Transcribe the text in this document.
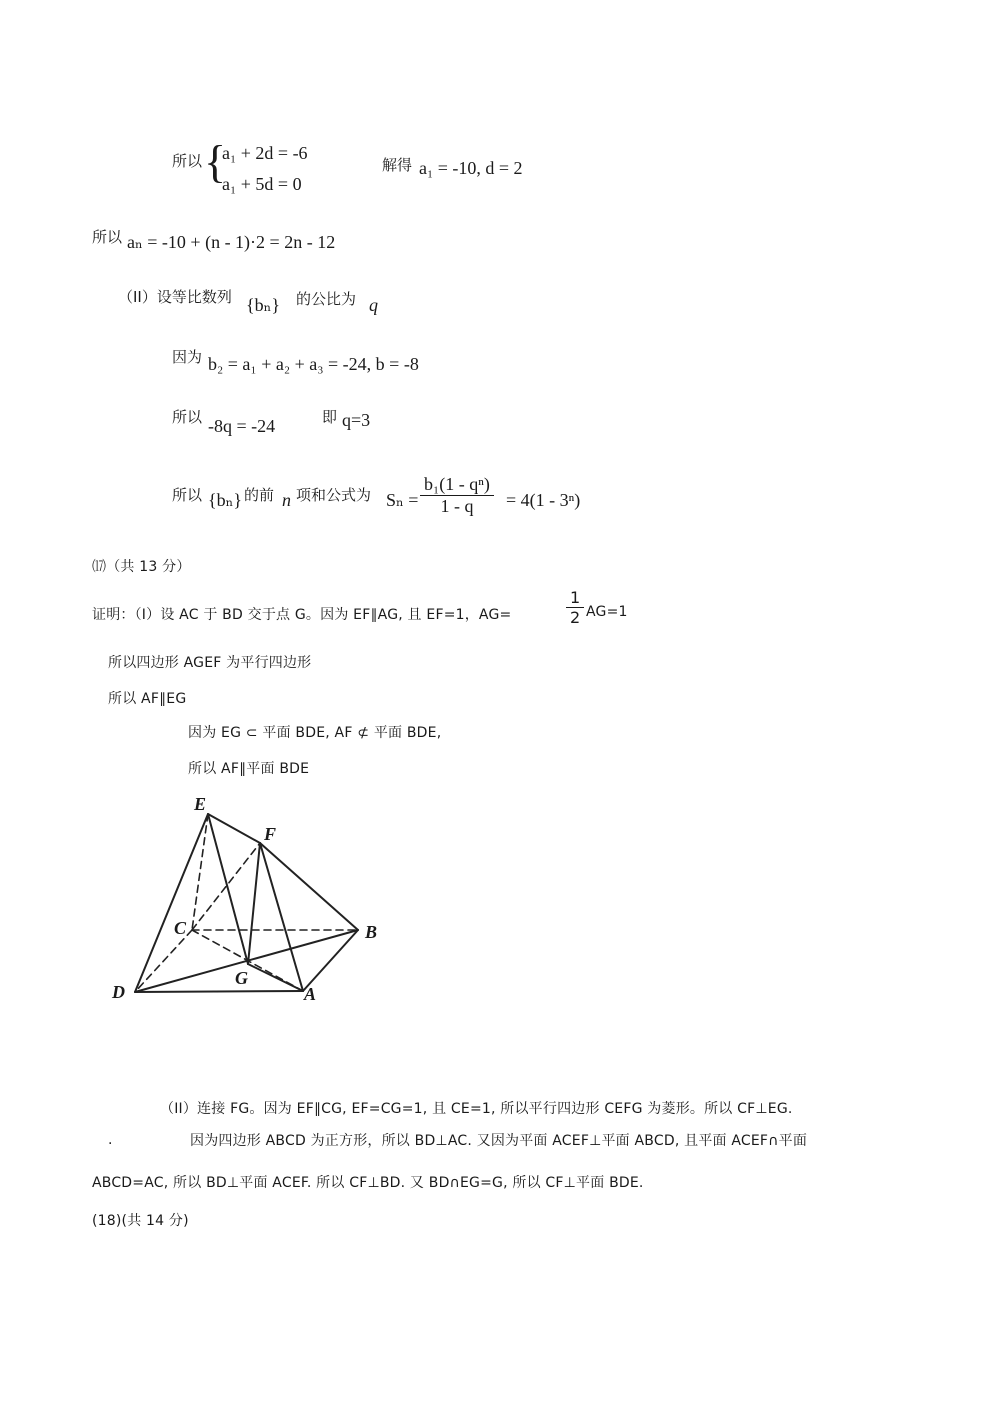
所以 {
a₁ + 2d = -6
a₁ + 5d = 0
解得 a₁ = -10, d = 2
所以 aₙ = -10 + (n - 1)·2 = 2n - 12
（II）设等比数列 {bₙ} 的公比为 q
因为 b₂ = a₁ + a₂ + a₃ = -24, b = -8
所以 -8q = -24	即 q=3
所以 {bₙ} 的前 n 项和公式为 $S_n = \frac{\text{b₁(1 - qⁿ)}}{1 - q} = 4(1 - 3^n)$
⒄（共 13 分）
证明：（Ⅰ）设 AC 于 BD 交于点 G。因为 EF∥AG, 且 EF=1，AG=	$\frac{1}{2} AG=1$
所以四边形 AGEF 为平行四边形
所以 AF∥EG
因为 EG ⊂ 平面 BDE, AF ⊄ 平面 BDE,
所以 AF∥平面 BDE
E
F
C	B
G
D	A
（II）连接 FG。因为 EF∥CG, EF=CG=1, 且 CE=1, 所以平行四边形 CEFG 为菱形。所以 CF⊥EG.
.	因为四边形 ABCD 为正方形，所以 BD⊥AC. 又因为平面 ACEF⊥平面 ABCD, 且平面 ACEF∩平面
ABCD=AC, 所以 BD⊥平面 ACEF. 所以 CF⊥BD. 又 BD∩EG=G, 所以 CF⊥平面 BDE.
(18)(共 14 分)
